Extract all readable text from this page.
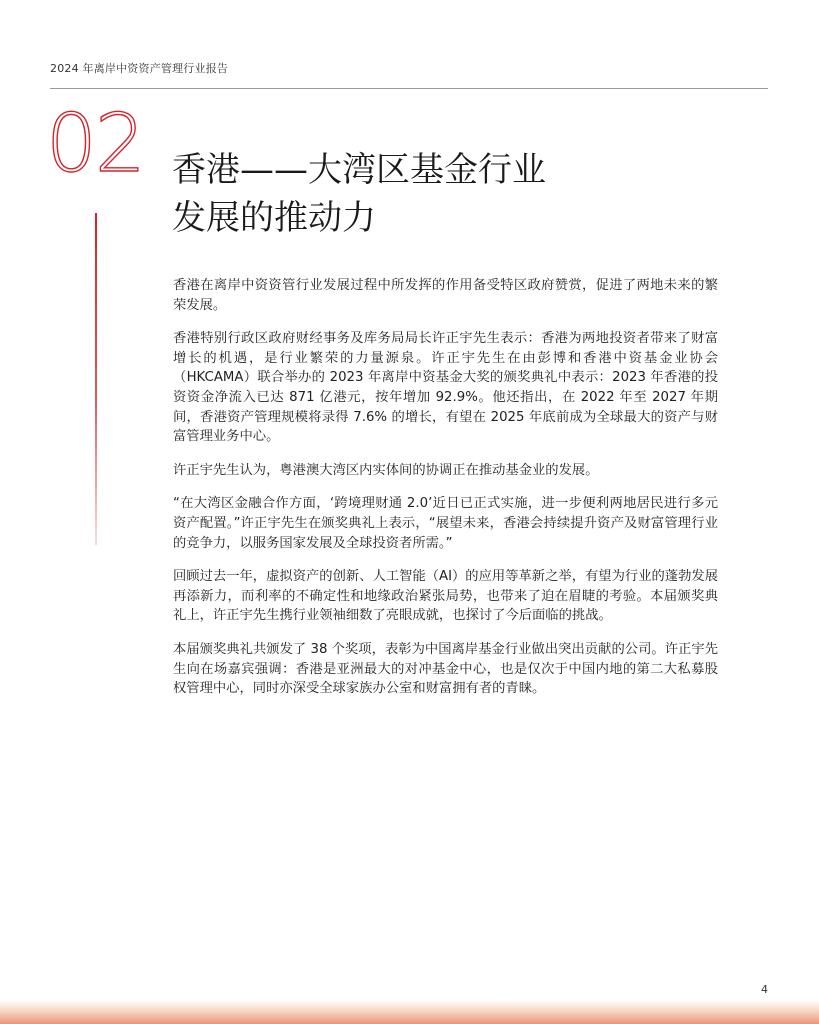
2024 年离岸中资资产管理行业报告
02 香港——大湾区基金行业
发展的推动力

香港在离岸中资资管行业发展过程中所发挥的作用备受特区政府赞赏，促进了两地未来的繁荣发展。

香港特别行政区政府财经事务及库务局局长许正宇先生表示：香港为两地投资者带来了财富增长的机遇，是行业繁荣的力量源泉。许正宇先生在由彭博和香港中资基金业协会（HKCAMA）联合举办的 2023 年离岸中资基金大奖的颁奖典礼中表示：2023 年香港的投资资金净流入已达 871 亿港元，按年增加 92.9%。他还指出，在 2022 年至 2027 年期间，香港资产管理规模将录得 7.6% 的增长，有望在 2025 年底前成为全球最大的资产与财富管理业务中心。

许正宇先生认为，粤港澳大湾区内实体间的协调正在推动基金业的发展。

“在大湾区金融合作方面，‘跨境理财通 2.0’近日已正式实施，进一步便利两地居民进行多元资产配置。”许正宇先生在颁奖典礼上表示，“展望未来，香港会持续提升资产及财富管理行业的竞争力，以服务国家发展及全球投资者所需。”

回顾过去一年，虚拟资产的创新、人工智能（AI）的应用等革新之举，有望为行业的蓬勃发展再添新力，而利率的不确定性和地缘政治紧张局势，也带来了迫在眉睫的考验。本届颁奖典礼上，许正宇先生携行业领袖细数了亮眼成就，也探讨了今后面临的挑战。

本届颁奖典礼共颁发了 38 个奖项，表彰为中国离岸基金行业做出突出贡献的公司。许正宇先生向在场嘉宾强调：香港是亚洲最大的对冲基金中心，也是仅次于中国内地的第二大私募股权管理中心，同时亦深受全球家族办公室和财富拥有者的青睐。

4
